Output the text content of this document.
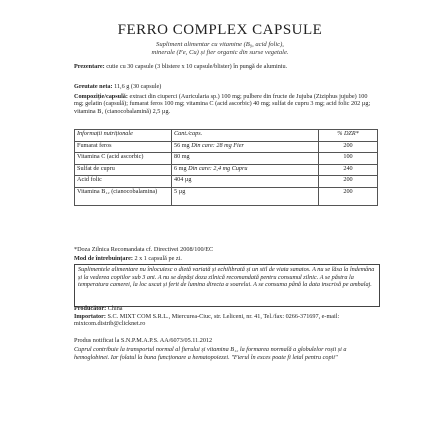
FERRO COMPLEX CAPSULE
Supliment alimentar cu vitamine (B₉, acid folic),
minerale (Fe, Cu) și fier organic din surse vegetale.
Prezentare: cutie cu 30 capsule (3 blistere x 10 capsule/blister) în pungă de aluminiu.
Greutate neta: 11,6 g (30 capsule)
Compoziție/capsulă: extract din ciuperci (Auricularia sp.) 100 mg; pulbere din fructe de Jujuba (Ziziphus jujube) 100 mg; gelatin (capsulă); fumarat feros 100 mg; vitamina C (acid ascorbic) 40 mg; sulfat de cupru 3 mg; acid folic 202 µg; vitamina B₁ (cianocobalamină) 2,5 µg.
Informații nutriționale	Cant./caps.	% DZR*
Fumarat feros	56 mg Din care: 28 mg Fier	200
Vitamina C (acid ascorbic)	80 mg	100
Sulfat de cupru	6 mg Din care: 2,4 mg Cupru	240
Acid folic	404 µg	200
Vitamina B₁₂ (cianocobalamina)	5 µg	200
*Doza Zilnica Recomandata cf. Directivei 2008/100/EC
Mod de întrebuințare: 2 x 1 capsulă pe zi.
Suplimentele alimentare nu înlocuiesc o dietă variată și echilibrată și un stil de viata sanatos. A nu se lăsa la îndemâna și la vederea copiilor sub 3 ani. A nu se depăși doza zilnică recomandată pentru consumul zilnic. A se păstra la temperatura camerei, la loc uscat și ferit de lumina directa a soarelui. A se consuma până la data inscrisă pe ambalaj.
Producător: China
Importator: S.C. MIXT COM S.R.L., Miercurea-Ciuc, str. Leliceni, nr. 41, Tel./fax: 0266-371697, e-mail: mixtcom.distrib@clicknet.ro
Produs notificat la S.N.P.M.A.P.S. AA/6073/05.11.2012
Cuprul contribuie la transportul normal al fierului și vitamina B₁₂ la formarea normală a globulelor roșii și a hemoglobinei. Iar folatul la buna funcționare a hematopoiezei. "Fierul în exces poate fi letal pentru copii"
